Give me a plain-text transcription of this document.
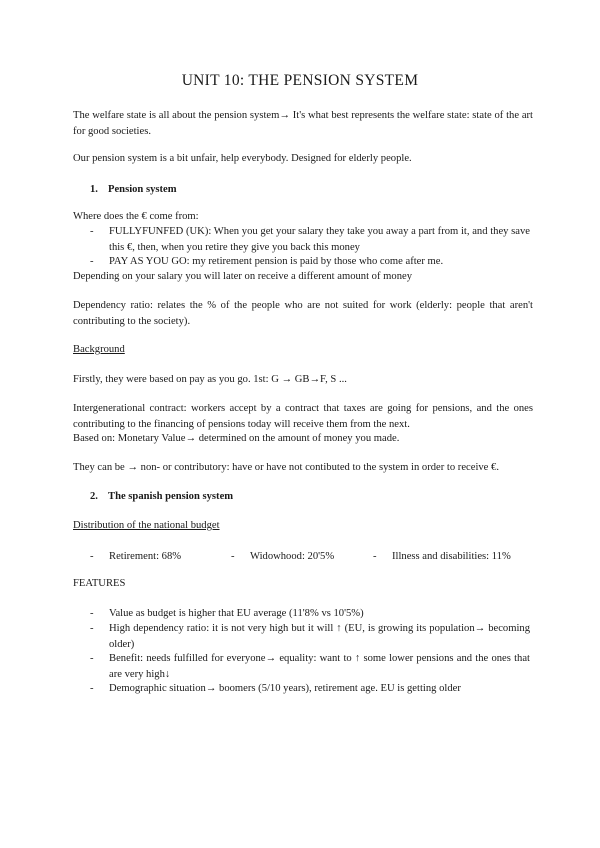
UNIT 10: THE PENSION SYSTEM

The welfare state is all about the pension system→ It's what best represents the welfare state: state of the art for good societies.

Our pension system is a bit unfair, help everybody. Designed for elderly people.

1. Pension system

Where does the € come from:

- FULLYFUNFED (UK): When you get your salary they take you away a part from it, and they save this €, then, when you retire they give you back this money
- PAY AS YOU GO: my retirement pension is paid by those who come after me.

Depending on your salary you will later on receive a different amount of money

Dependency ratio: relates the % of the people who are not suited for work (elderly: people that aren't contributing to the society).

Background

Firstly, they were based on pay as you go. 1st: G → GB→F, S ...

Intergenerational contract: workers accept by a contract that taxes are going for pensions, and the ones contributing to the financing of pensions today will receive them from the next.

Based on: Monetary Value→ determined on the amount of money you made.

They can be → non- or contributory: have or have not contibuted to the system in order to receive €.

2. The spanish pension system

Distribution of the national budget

- Retirement: 68%	- Widowhood: 20'5%	- Illness and disabilities: 11%

FEATURES

- Value as budget is higher that EU average (11'8% vs 10'5%)
- High dependency ratio: it is not very high but it will ↑ (EU, is growing its population→ becoming older)
- Benefit: needs fulfilled for everyone→ equality: want to ↑ some lower pensions and the ones that are very high↓
- Demographic situation→ boomers (5/10 years), retirement age. EU is getting older
